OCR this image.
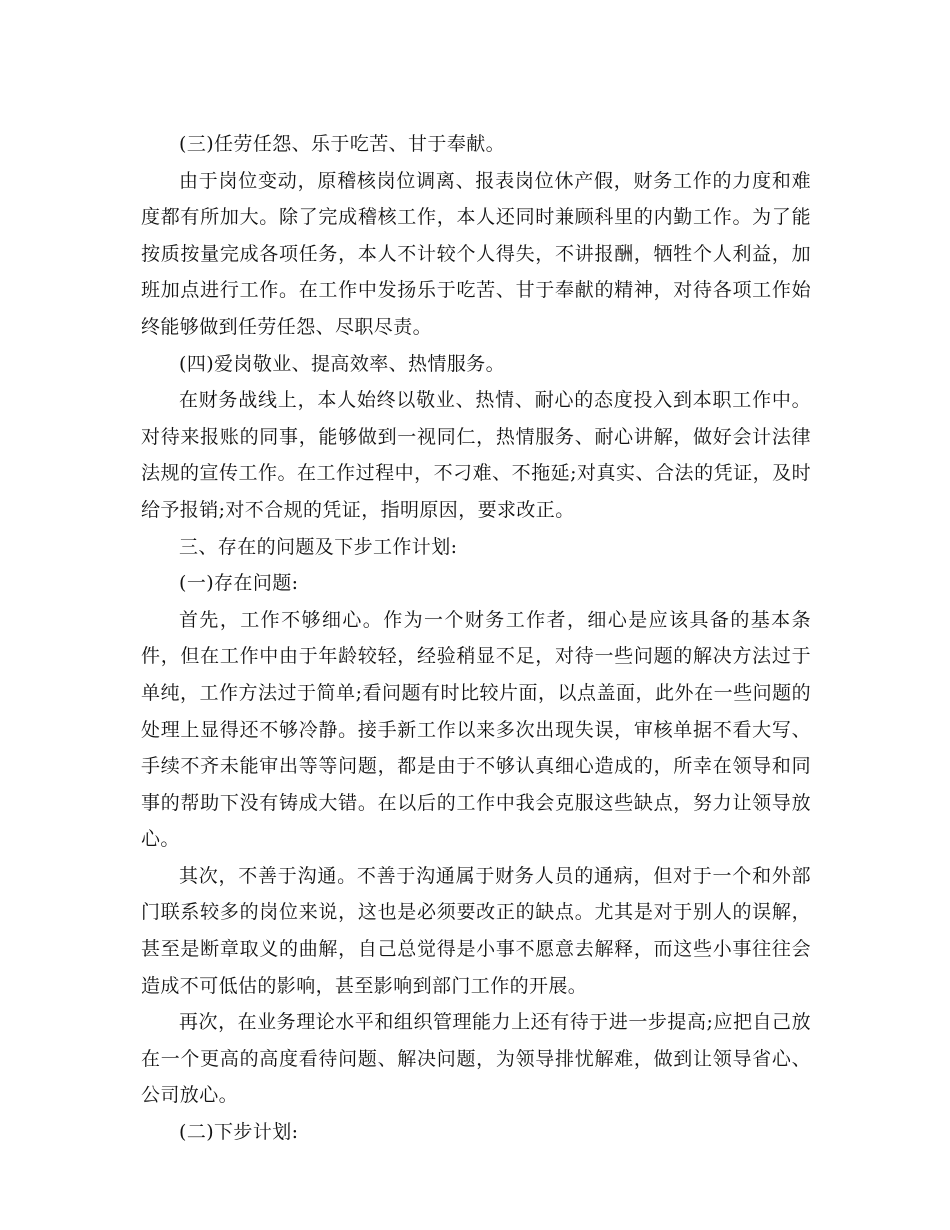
(三)任劳任怨、乐于吃苦、甘于奉献。

由于岗位变动，原稽核岗位调离、报表岗位休产假，财务工作的力度和难度都有所加大。除了完成稽核工作，本人还同时兼顾科里的内勤工作。为了能按质按量完成各项任务，本人不计较个人得失，不讲报酬，牺牲个人利益，加班加点进行工作。在工作中发扬乐于吃苦、甘于奉献的精神，对待各项工作始终能够做到任劳任怨、尽职尽责。

(四)爱岗敬业、提高效率、热情服务。

在财务战线上，本人始终以敬业、热情、耐心的态度投入到本职工作中。对待来报账的同事，能够做到一视同仁，热情服务、耐心讲解，做好会计法律法规的宣传工作。在工作过程中，不刁难、不拖延;对真实、合法的凭证，及时给予报销;对不合规的凭证，指明原因，要求改正。

三、存在的问题及下步工作计划:

(一)存在问题:

首先，工作不够细心。作为一个财务工作者，细心是应该具备的基本条件，但在工作中由于年龄较轻，经验稍显不足，对待一些问题的解决方法过于单纯，工作方法过于简单;看问题有时比较片面，以点盖面，此外在一些问题的处理上显得还不够冷静。接手新工作以来多次出现失误，审核单据不看大写、手续不齐未能审出等等问题，都是由于不够认真细心造成的，所幸在领导和同事的帮助下没有铸成大错。在以后的工作中我会克服这些缺点，努力让领导放心。

其次，不善于沟通。不善于沟通属于财务人员的通病，但对于一个和外部门联系较多的岗位来说，这也是必须要改正的缺点。尤其是对于别人的误解，甚至是断章取义的曲解，自己总觉得是小事不愿意去解释，而这些小事往往会造成不可低估的影响，甚至影响到部门工作的开展。

再次，在业务理论水平和组织管理能力上还有待于进一步提高;应把自己放在一个更高的高度看待问题、解决问题，为领导排忧解难，做到让领导省心、公司放心。

(二)下步计划:
